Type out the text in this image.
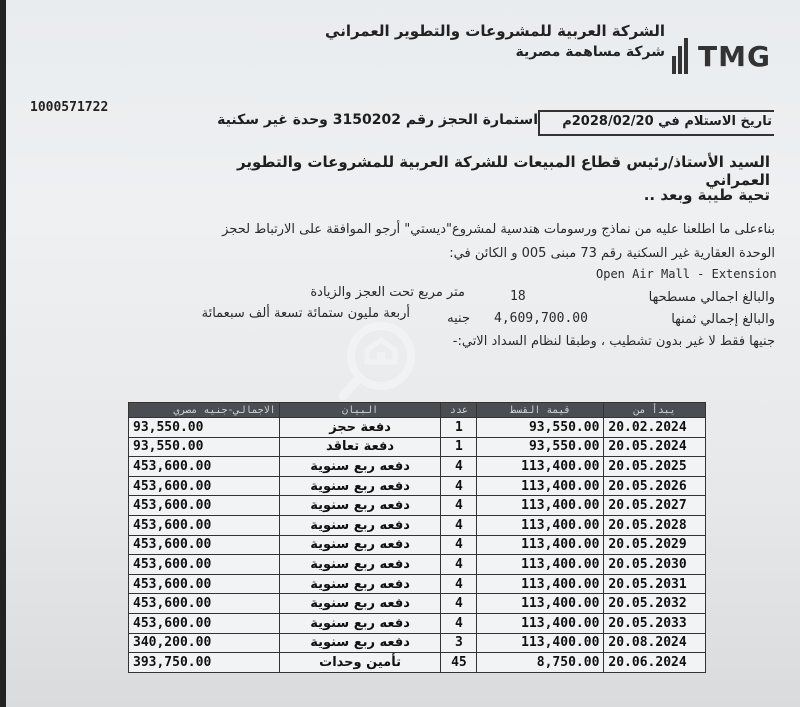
الشركة العربية للمشروعات والتطوير العمراني
شركة مساهمة مصرية TMG
1000571722
استمارة الحجز رقم 3150202 وحدة غير سكنية	تاريخ الاستلام في 2028/02/20م
السيد الأستاذ/رئيس قطاع المبيعات للشركة العربية للمشروعات والتطوير العمراني
تحية طيبة وبعد ..
بناءعلى ما اطلعنا عليه من نماذج ورسومات هندسية لمشروع"ديستي" أرجو الموافقة على الارتباط لحجز
الوحدة العقارية غير السكنية رقم 73 مبنى 005 و الكائن في:
Open Air Mall - Extension
والبالغ اجمالي مسطحها
18
متر مربع تحت العجز والزيادة
والبالغ إجمالي ثمنها
4,609,700.00
جنيه
أربعة مليون ستمائة تسعة ألف سبعمائة
جنيها فقط لا غير بدون تشطيب ، وطبقا لنظام السداد الاتي:-
الاجمالي-جنيه مصري	البيان	عدد	قيمة القسط	يبدأ من
93,550.00	دفعة حجز	1	93,550.00	20.02.2024
93,550.00	دفعة تعاقد	1	93,550.00	20.05.2024
453,600.00	دفعه ربع سنوية	4	113,400.00	20.05.2025
453,600.00	دفعه ربع سنوية	4	113,400.00	20.05.2026
453,600.00	دفعه ربع سنوية	4	113,400.00	20.05.2027
453,600.00	دفعه ربع سنوية	4	113,400.00	20.05.2028
453,600.00	دفعه ربع سنوية	4	113,400.00	20.05.2029
453,600.00	دفعه ربع سنوية	4	113,400.00	20.05.2030
453,600.00	دفعه ربع سنوية	4	113,400.00	20.05.2031
453,600.00	دفعه ربع سنوية	4	113,400.00	20.05.2032
453,600.00	دفعه ربع سنوية	4	113,400.00	20.05.2033
340,200.00	دفعه ربع سنوية	3	113,400.00	20.08.2024
393,750.00	تأمين وحدات	45	8,750.00	20.06.2024
